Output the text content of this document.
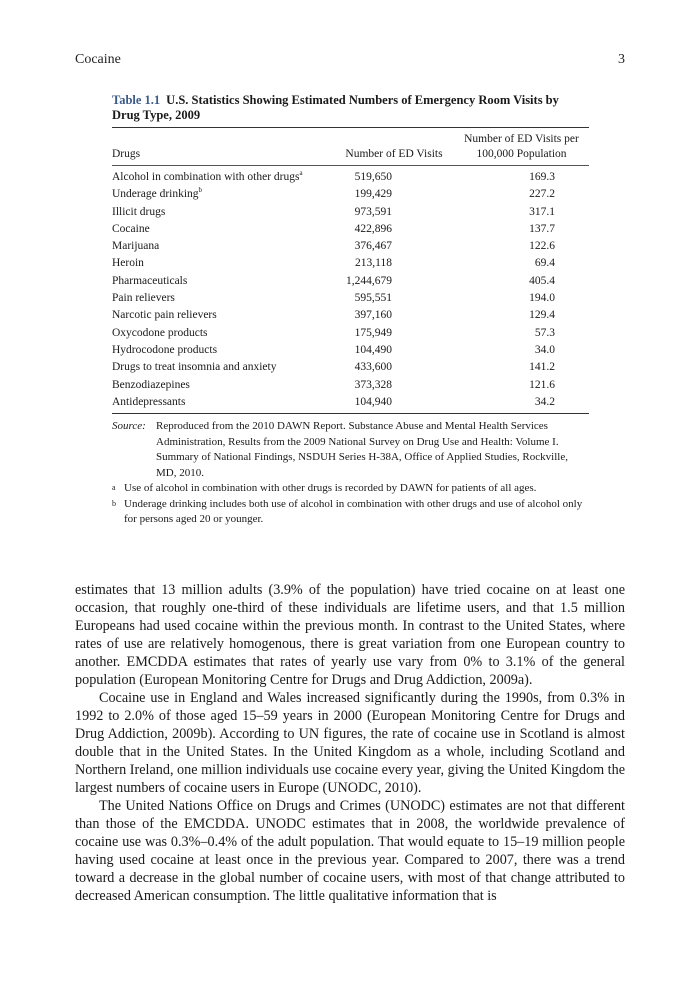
Cocaine	3

Table 1.1 U.S. Statistics Showing Estimated Numbers of Emergency Room Visits by Drug Type, 2009

Drugs	Number of ED Visits	Number of ED Visits per 100,000 Population
Alcohol in combination with other drugs$^a$	519,650	169.3
Underage drinking$^b$	199,429	227.2
Illicit drugs	973,591	317.1
Cocaine	422,896	137.7
Marijuana	376,467	122.6
Heroin	213,118	69.4
Pharmaceuticals	1,244,679	405.4
Pain relievers	595,551	194.0
Narcotic pain relievers	397,160	129.4
Oxycodone products	175,949	57.3
Hydrocodone products	104,490	34.0
Drugs to treat insomnia and anxiety	433,600	141.2
Benzodiazepines	373,328	121.6
Antidepressants	104,940	34.2
Source: Reproduced from the 2010 DAWN Report. Substance Abuse and Mental Health Services Administration, Results from the 2009 National Survey on Drug Use and Health: Volume I. Summary of National Findings, NSDUH Series H-38A, Office of Applied Studies, Rockville, MD, 2010.
a Use of alcohol in combination with other drugs is recorded by DAWN for patients of all ages.
b Underage drinking includes both use of alcohol in combination with other drugs and use of alcohol only for persons aged 20 or younger.

estimates that 13 million adults (3.9% of the population) have tried cocaine on at least one occasion, that roughly one-third of these individuals are lifetime users, and that 1.5 million Europeans had used cocaine within the previous month. In contrast to the United States, where rates of use are relatively homogenous, there is great variation from one European country to another. EMCDDA estimates that rates of yearly use vary from 0% to 3.1% of the general population (European Monitoring Centre for Drugs and Drug Addiction, 2009a).

Cocaine use in England and Wales increased significantly during the 1990s, from 0.3% in 1992 to 2.0% of those aged 15–59 years in 2000 (European Monitoring Centre for Drugs and Drug Addiction, 2009b). According to UN figures, the rate of cocaine use in Scotland is almost double that in the United States. In the United Kingdom as a whole, including Scotland and Northern Ireland, one million individuals use cocaine every year, giving the United Kingdom the largest numbers of cocaine users in Europe (UNODC, 2010).

The United Nations Office on Drugs and Crimes (UNODC) estimates are not that different than those of the EMCDDA. UNODC estimates that in 2008, the worldwide prevalence of cocaine use was 0.3%–0.4% of the adult population. That would equate to 15–19 million people having used cocaine at least once in the previous year. Compared to 2007, there was a trend toward a decrease in the global number of cocaine users, with most of that change attributed to decreased American consumption. The little qualitative information that is
